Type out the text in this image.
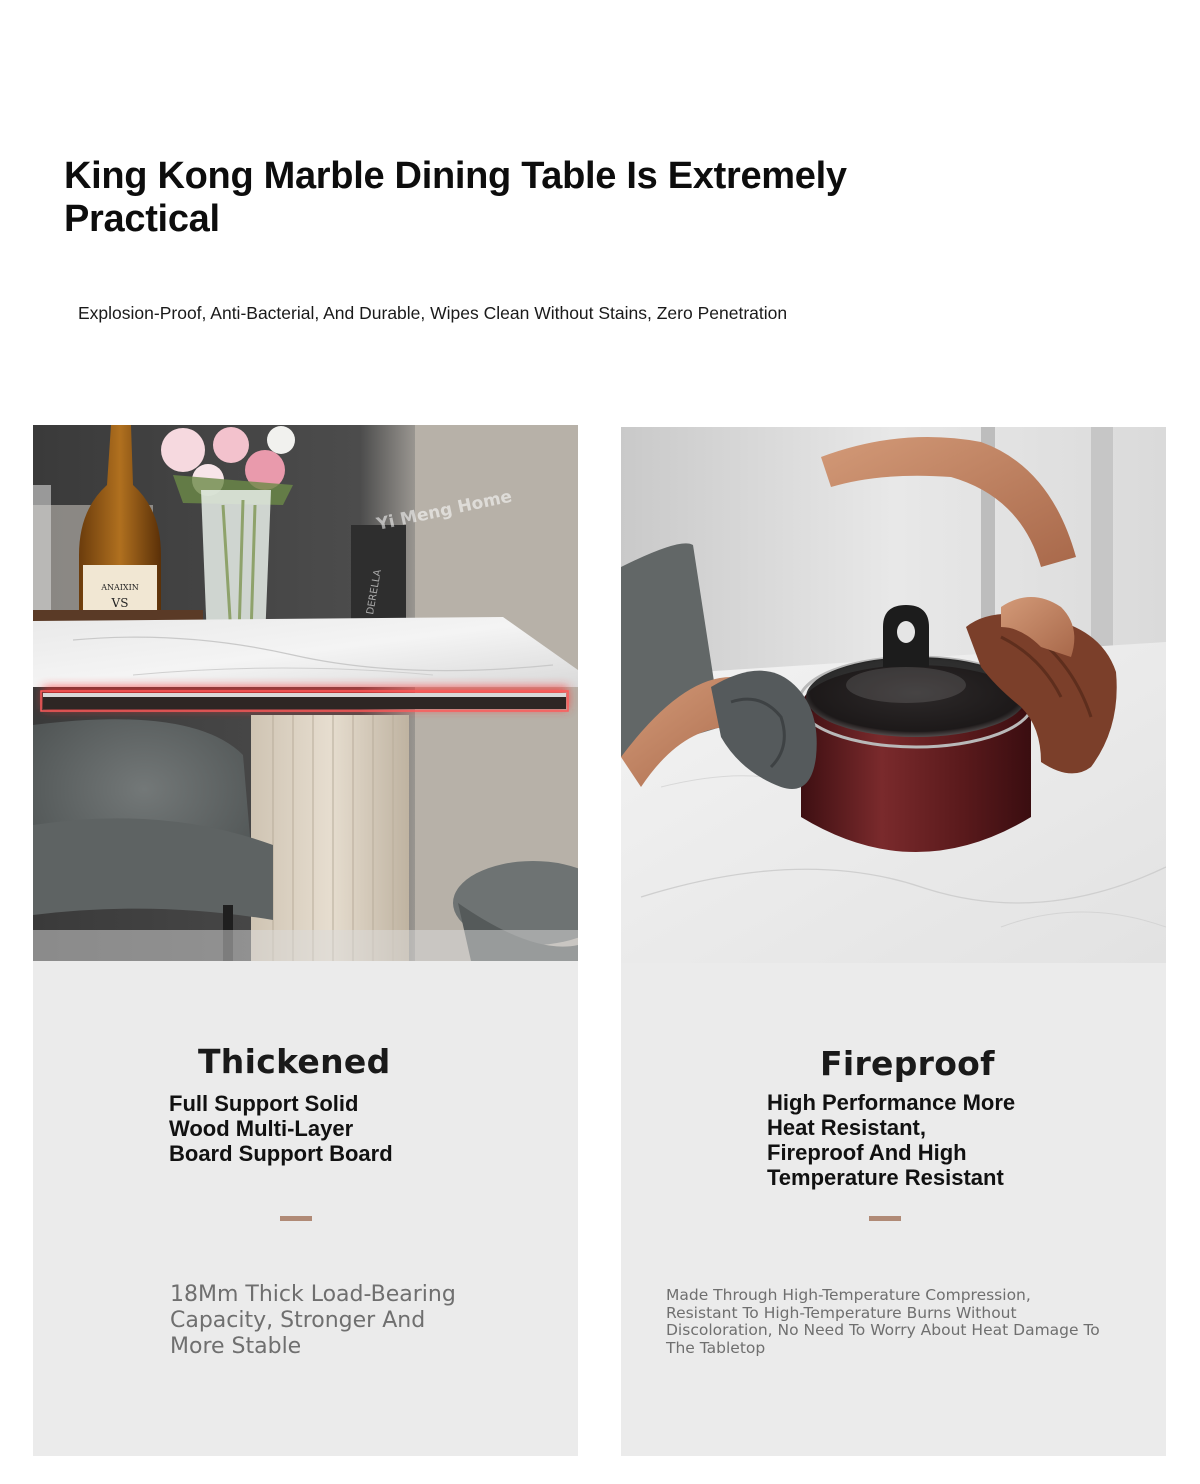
King Kong Marble Dining Table Is Extremely Practical
Explosion-Proof, Anti-Bacterial, And Durable, Wipes Clean Without Stains, Zero Penetration
ANAIXIN
VS	DERELLA
Yi Meng Home
Thickened
Full Support Solid Wood Multi-Layer Board Support Board
18Mm Thick Load-Bearing Capacity, Stronger And More Stable
Fireproof
High Performance More Heat Resistant, Fireproof And High Temperature Resistant
Made Through High-Temperature Compression, Resistant To High-Temperature Burns Without Discoloration, No Need To Worry About Heat Damage To The Tabletop
